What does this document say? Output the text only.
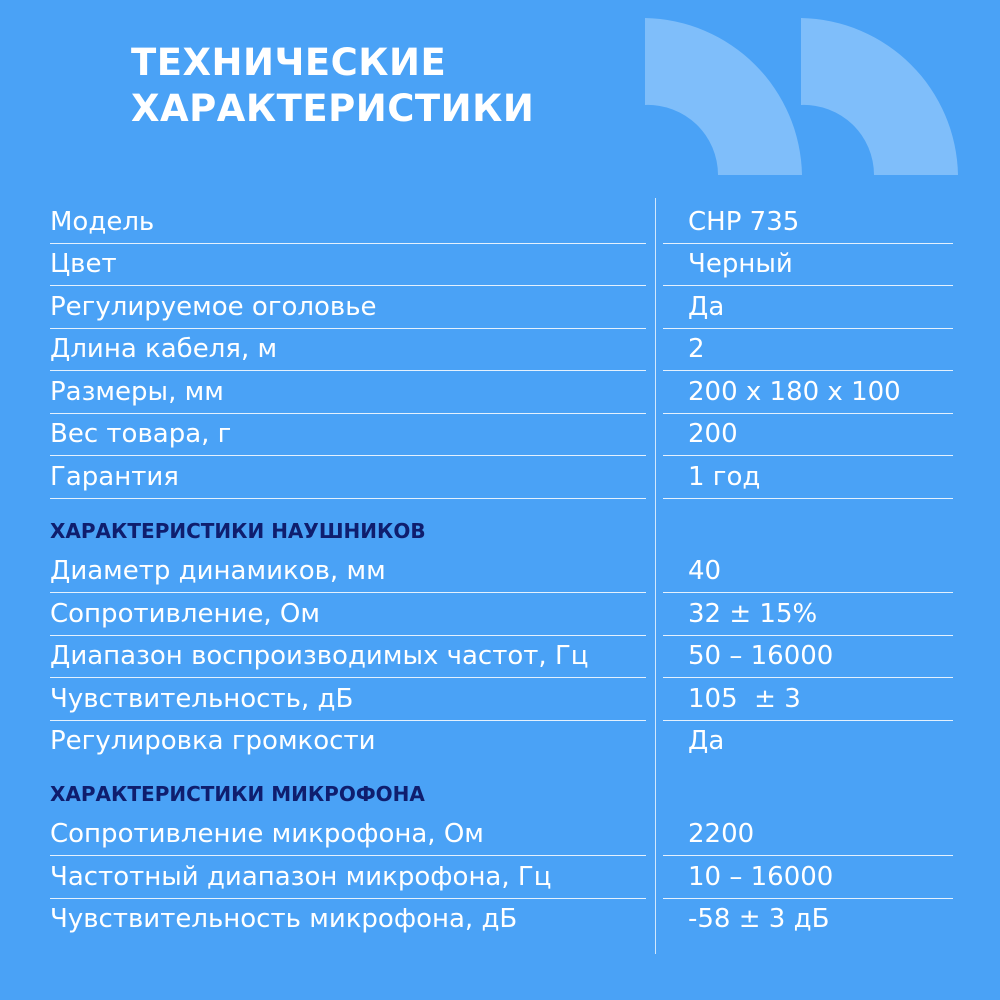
ТЕХНИЧЕСКИЕ
ХАРАКТЕРИСТИКИ
Модель	CHP 735
Цвет	Черный
Регулируемое оголовье	Да
Длина кабеля, м	2
Размеры, мм	200 х 180 х 100
Вес товара, г	200
Гарантия	1 год
ХАРАКТЕРИСТИКИ НАУШНИКОВ
Диаметр динамиков, мм	40
Сопротивление, Ом	32 ± 15%
Диапазон воспроизводимых частот, Гц	50 – 16000
Чувствительность, дБ	105  ± 3
Регулировка громкости	Да
ХАРАКТЕРИСТИКИ МИКРОФОНА
Сопротивление микрофона, Ом	2200
Частотный диапазон микрофона, Гц	10 – 16000
Чувствительность микрофона, дБ	-58 ± 3 дБ
